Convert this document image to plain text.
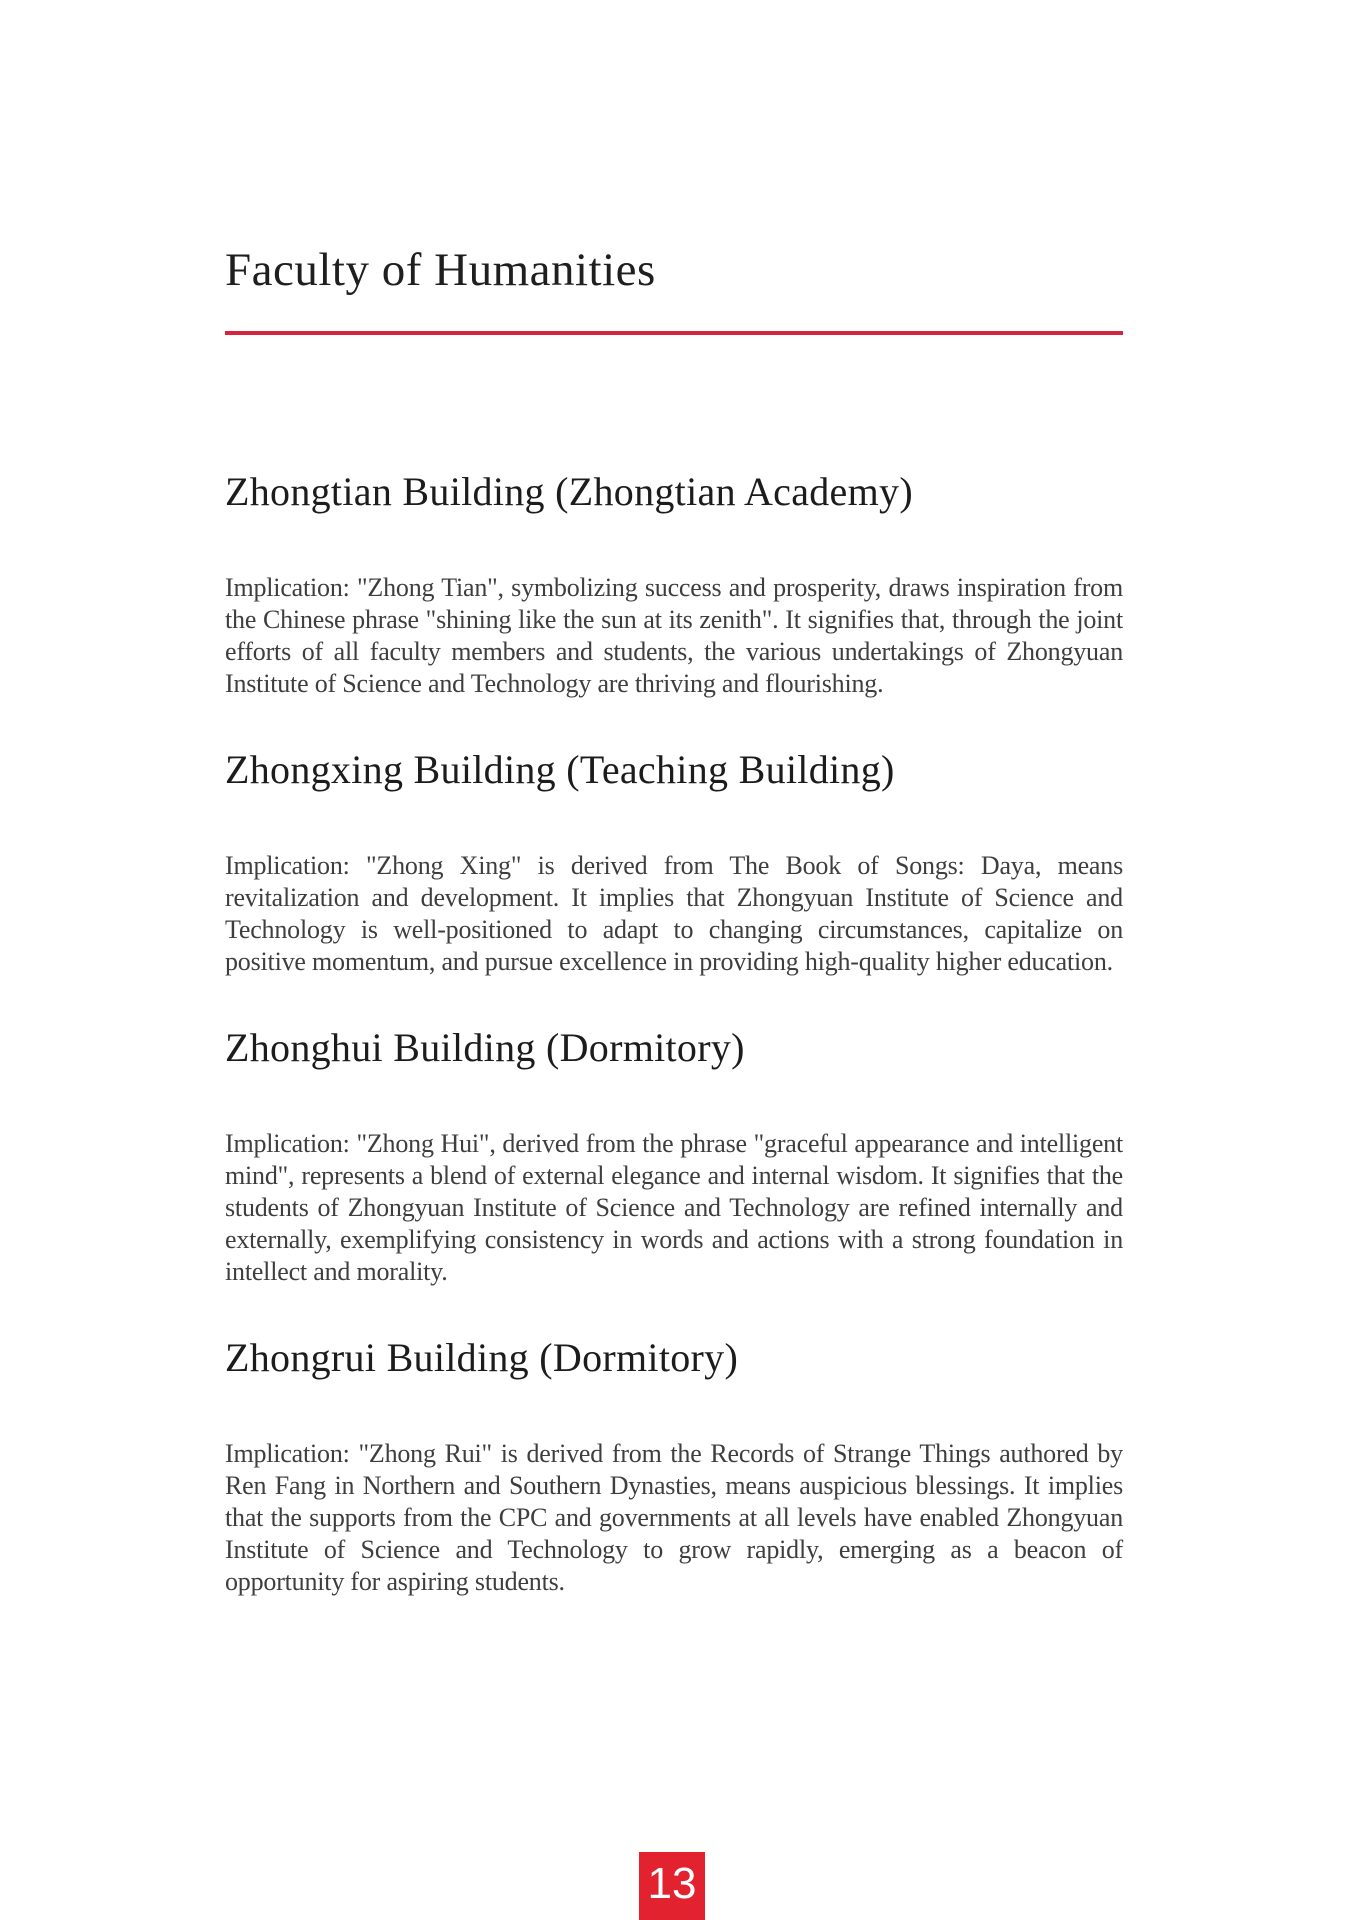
Faculty of Humanities
Zhongtian Building (Zhongtian Academy)

Implication: "Zhong Tian", symbolizing success and prosperity, draws inspiration from the Chinese phrase "shining like the sun at its zenith". It signifies that, through the joint efforts of all faculty members and students, the various undertakings of Zhongyuan Institute of Science and Technology are thriving and flourishing.

Zhongxing Building (Teaching Building)

Implication: "Zhong Xing" is derived from The Book of Songs: Daya, means revitalization and development. It implies that Zhongyuan Institute of Science and Technology is well-positioned to adapt to changing circumstances, capitalize on positive momentum, and pursue excellence in providing high-quality higher education.

Zhonghui Building (Dormitory)

Implication: "Zhong Hui", derived from the phrase "graceful appearance and intelligent mind", represents a blend of external elegance and internal wisdom. It signifies that the students of Zhongyuan Institute of Science and Technology are refined internally and externally, exemplifying consistency in words and actions with a strong foundation in intellect and morality.

Zhongrui Building (Dormitory)

Implication: "Zhong Rui" is derived from the Records of Strange Things authored by Ren Fang in Northern and Southern Dynasties, means auspicious blessings. It implies that the supports from the CPC and governments at all levels have enabled Zhongyuan Institute of Science and Technology to grow rapidly, emerging as a beacon of opportunity for aspiring students.

13
